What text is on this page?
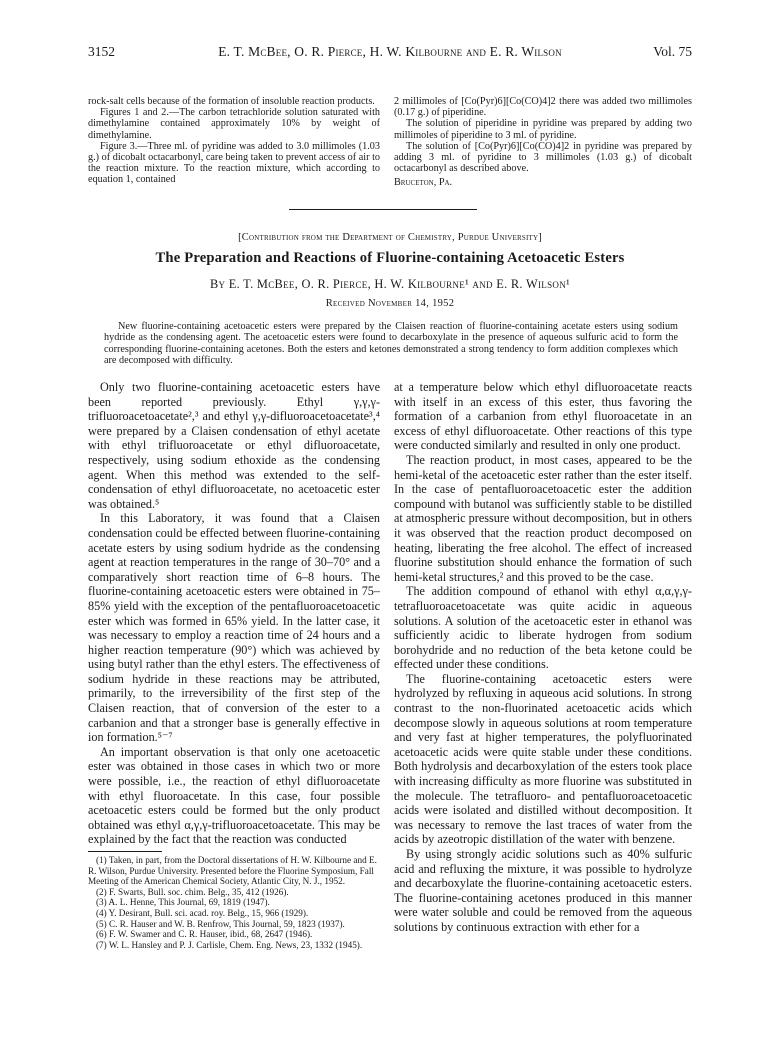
3152	E. T. McBee, O. R. Pierce, H. W. Kilbourne and E. R. Wilson	Vol. 75

rock-salt cells because of the formation of insoluble reaction products.

Figures 1 and 2.—The carbon tetrachloride solution saturated with dimethylamine contained approximately 10% by weight of dimethylamine.

Figure 3.—Three ml. of pyridine was added to 3.0 millimoles (1.03 g.) of dicobalt octacarbonyl, care being taken to prevent access of air to the reaction mixture. To the reaction mixture, which according to equation 1, contained

2 millimoles of [Co(Pyr)6][Co(CO)4]2 there was added two millimoles (0.17 g.) of piperidine.

The solution of piperidine in pyridine was prepared by adding two millimoles of piperidine to 3 ml. of pyridine.

The solution of [Co(Pyr)6][Co(CO)4]2 in pyridine was prepared by adding 3 ml. of pyridine to 3 millimoles (1.03 g.) of dicobalt octacarbonyl as described above.

Bruceton, Pa.

[Contribution from the Department of Chemistry, Purdue University]
The Preparation and Reactions of Fluorine-containing Acetoacetic Esters
By E. T. McBee, O. R. Pierce, H. W. Kilbourne¹ and E. R. Wilson¹
Received November 14, 1952
New fluorine-containing acetoacetic esters were prepared by the Claisen reaction of fluorine-containing acetate esters using sodium hydride as the condensing agent. The acetoacetic esters were found to decarboxylate in the presence of aqueous sulfuric acid to form the corresponding fluorine-containing acetones. Both the esters and ketones demonstrated a strong tendency to form addition complexes which are decomposed with difficulty.

Only two fluorine-containing acetoacetic esters have been reported previously. Ethyl γ,γ,γ-trifluoroacetoacetate²,³ and ethyl γ,γ-difluoroacetoacetate³,⁴ were prepared by a Claisen condensation of ethyl acetate with ethyl trifluoroacetate or ethyl difluoroacetate, respectively, using sodium ethoxide as the condensing agent. When this method was extended to the self-condensation of ethyl difluoroacetate, no acetoacetic ester was obtained.⁵

In this Laboratory, it was found that a Claisen condensation could be effected between fluorine-containing acetate esters by using sodium hydride as the condensing agent at reaction temperatures in the range of 30–70° and a comparatively short reaction time of 6–8 hours. The fluorine-containing acetoacetic esters were obtained in 75–85% yield with the exception of the pentafluoroacetoacetic ester which was formed in 65% yield. In the latter case, it was necessary to employ a reaction time of 24 hours and a higher reaction temperature (90°) which was achieved by using butyl rather than the ethyl esters. The effectiveness of sodium hydride in these reactions may be attributed, primarily, to the irreversibility of the first step of the Claisen reaction, that of conversion of the ester to a carbanion and that a stronger base is generally effective in ion formation.⁵⁻⁷

An important observation is that only one acetoacetic ester was obtained in those cases in which two or more were possible, i.e., the reaction of ethyl difluoroacetate with ethyl fluoroacetate. In this case, four possible acetoacetic esters could be formed but the only product obtained was ethyl α,γ,γ-trifluoroacetoacetate. This may be explained by the fact that the reaction was conducted

(1) Taken, in part, from the Doctoral dissertations of H. W. Kilbourne and E. R. Wilson, Purdue University. Presented before the Fluorine Symposium, Fall Meeting of the American Chemical Society, Atlantic City, N. J., 1952.
(2) F. Swarts, Bull. soc. chim. Belg., 35, 412 (1926).
(3) A. L. Henne, This Journal, 69, 1819 (1947).
(4) Y. Desirant, Bull. sci. acad. roy. Belg., 15, 966 (1929).
(5) C. R. Hauser and W. B. Renfrow, This Journal, 59, 1823 (1937).
(6) F. W. Swamer and C. R. Hauser, ibid., 68, 2647 (1946).
(7) W. L. Hansley and P. J. Carlisle, Chem. Eng. News, 23, 1332 (1945).

at a temperature below which ethyl difluoroacetate reacts with itself in an excess of this ester, thus favoring the formation of a carbanion from ethyl fluoroacetate in an excess of ethyl difluoroacetate. Other reactions of this type were conducted similarly and resulted in only one product.

The reaction product, in most cases, appeared to be the hemi-ketal of the acetoacetic ester rather than the ester itself. In the case of pentafluoroacetoacetic ester the addition compound with butanol was sufficiently stable to be distilled at atmospheric pressure without decomposition, but in others it was observed that the reaction product decomposed on heating, liberating the free alcohol. The effect of increased fluorine substitution should enhance the formation of such hemi-ketal structures,² and this proved to be the case.

The addition compound of ethanol with ethyl α,α,γ,γ-tetrafluoroacetoacetate was quite acidic in aqueous solutions. A solution of the acetoacetic ester in ethanol was sufficiently acidic to liberate hydrogen from sodium borohydride and no reduction of the beta ketone could be effected under these conditions.

The fluorine-containing acetoacetic esters were hydrolyzed by refluxing in aqueous acid solutions. In strong contrast to the non-fluorinated acetoacetic acids which decompose slowly in aqueous solutions at room temperature and very fast at higher temperatures, the polyfluorinated acetoacetic acids were quite stable under these conditions. Both hydrolysis and decarboxylation of the esters took place with increasing difficulty as more fluorine was substituted in the molecule. The tetrafluoro- and pentafluoroacetoacetic acids were isolated and distilled without decomposition. It was necessary to remove the last traces of water from the acids by azeotropic distillation of the water with benzene.

By using strongly acidic solutions such as 40% sulfuric acid and refluxing the mixture, it was possible to hydrolyze and decarboxylate the fluorine-containing acetoacetic esters. The fluorine-containing acetones produced in this manner were water soluble and could be removed from the aqueous solutions by continuous extraction with ether for a
